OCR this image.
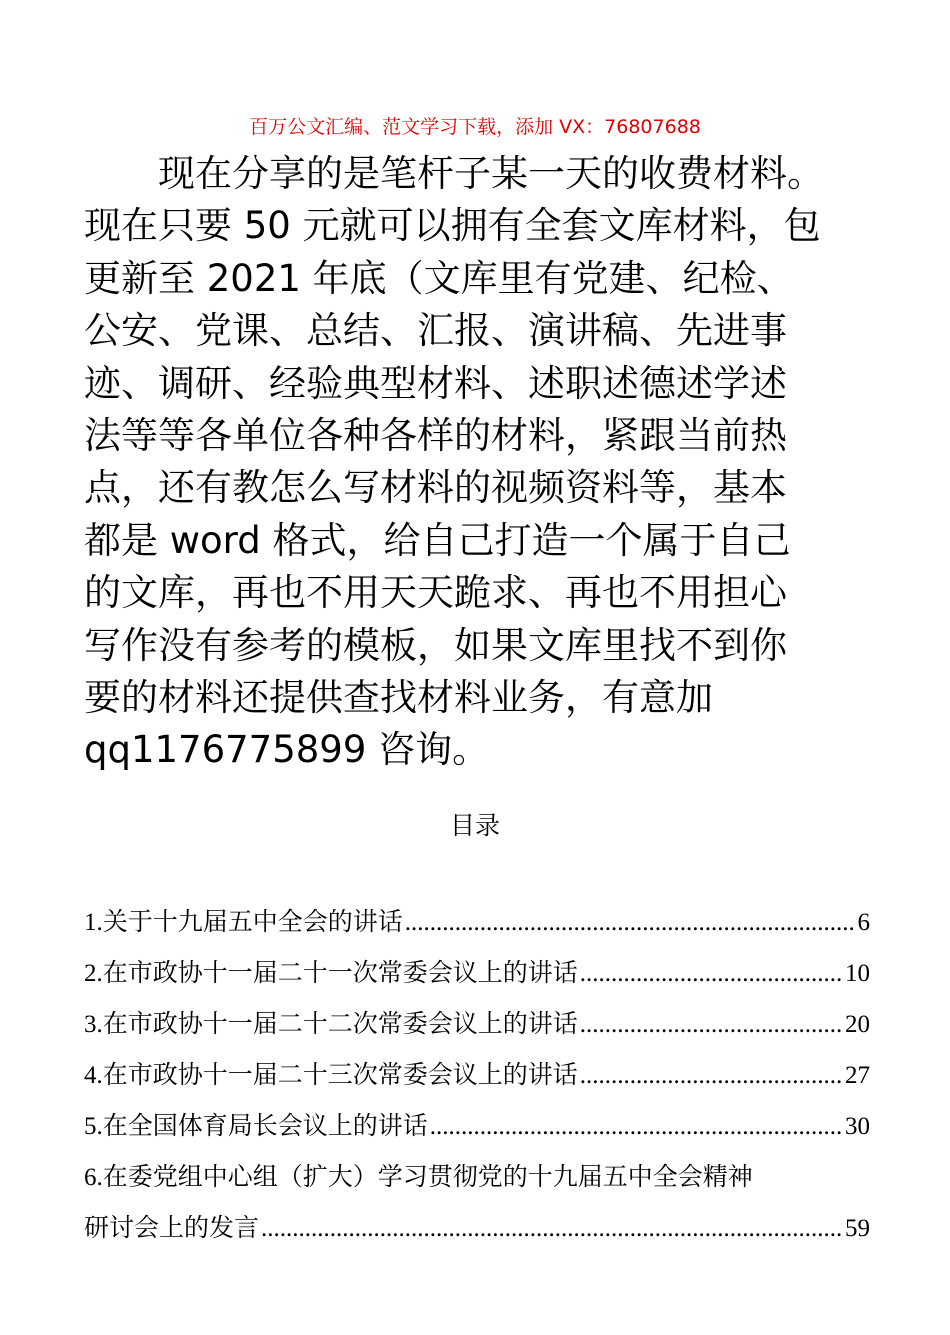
百万公文汇编、范文学习下载，添加 VX：76807688
现在分享的是笔杆子某一天的收费材料。
现在只要 50 元就可以拥有全套文库材料，包
更新至 2021 年底（文库里有党建、纪检、
公安、党课、总结、汇报、演讲稿、先进事
迹、调研、经验典型材料、述职述德述学述
法等等各单位各种各样的材料，紧跟当前热
点，还有教怎么写材料的视频资料等，基本
都是 word 格式，给自己打造一个属于自己
的文库，再也不用天天跪求、再也不用担心
写作没有参考的模板，如果文库里找不到你
要的材料还提供查找材料业务，有意加
qq1176775899 咨询。
目录
1. 关于十九届五中全会的讲话 .....	6
2. 在市政协十一届二十一次常委会议上的讲话 .....	10
3. 在市政协十一届二十二次常委会议上的讲话 .....	20
4. 在市政协十一届二十三次常委会议上的讲话 .....	27
5. 在全国体育局长会议上的讲话 .....	30
6. 在委党组中心组（扩大）学习贯彻党的十九届五中全会精神
研讨会上的发言 .....	59
